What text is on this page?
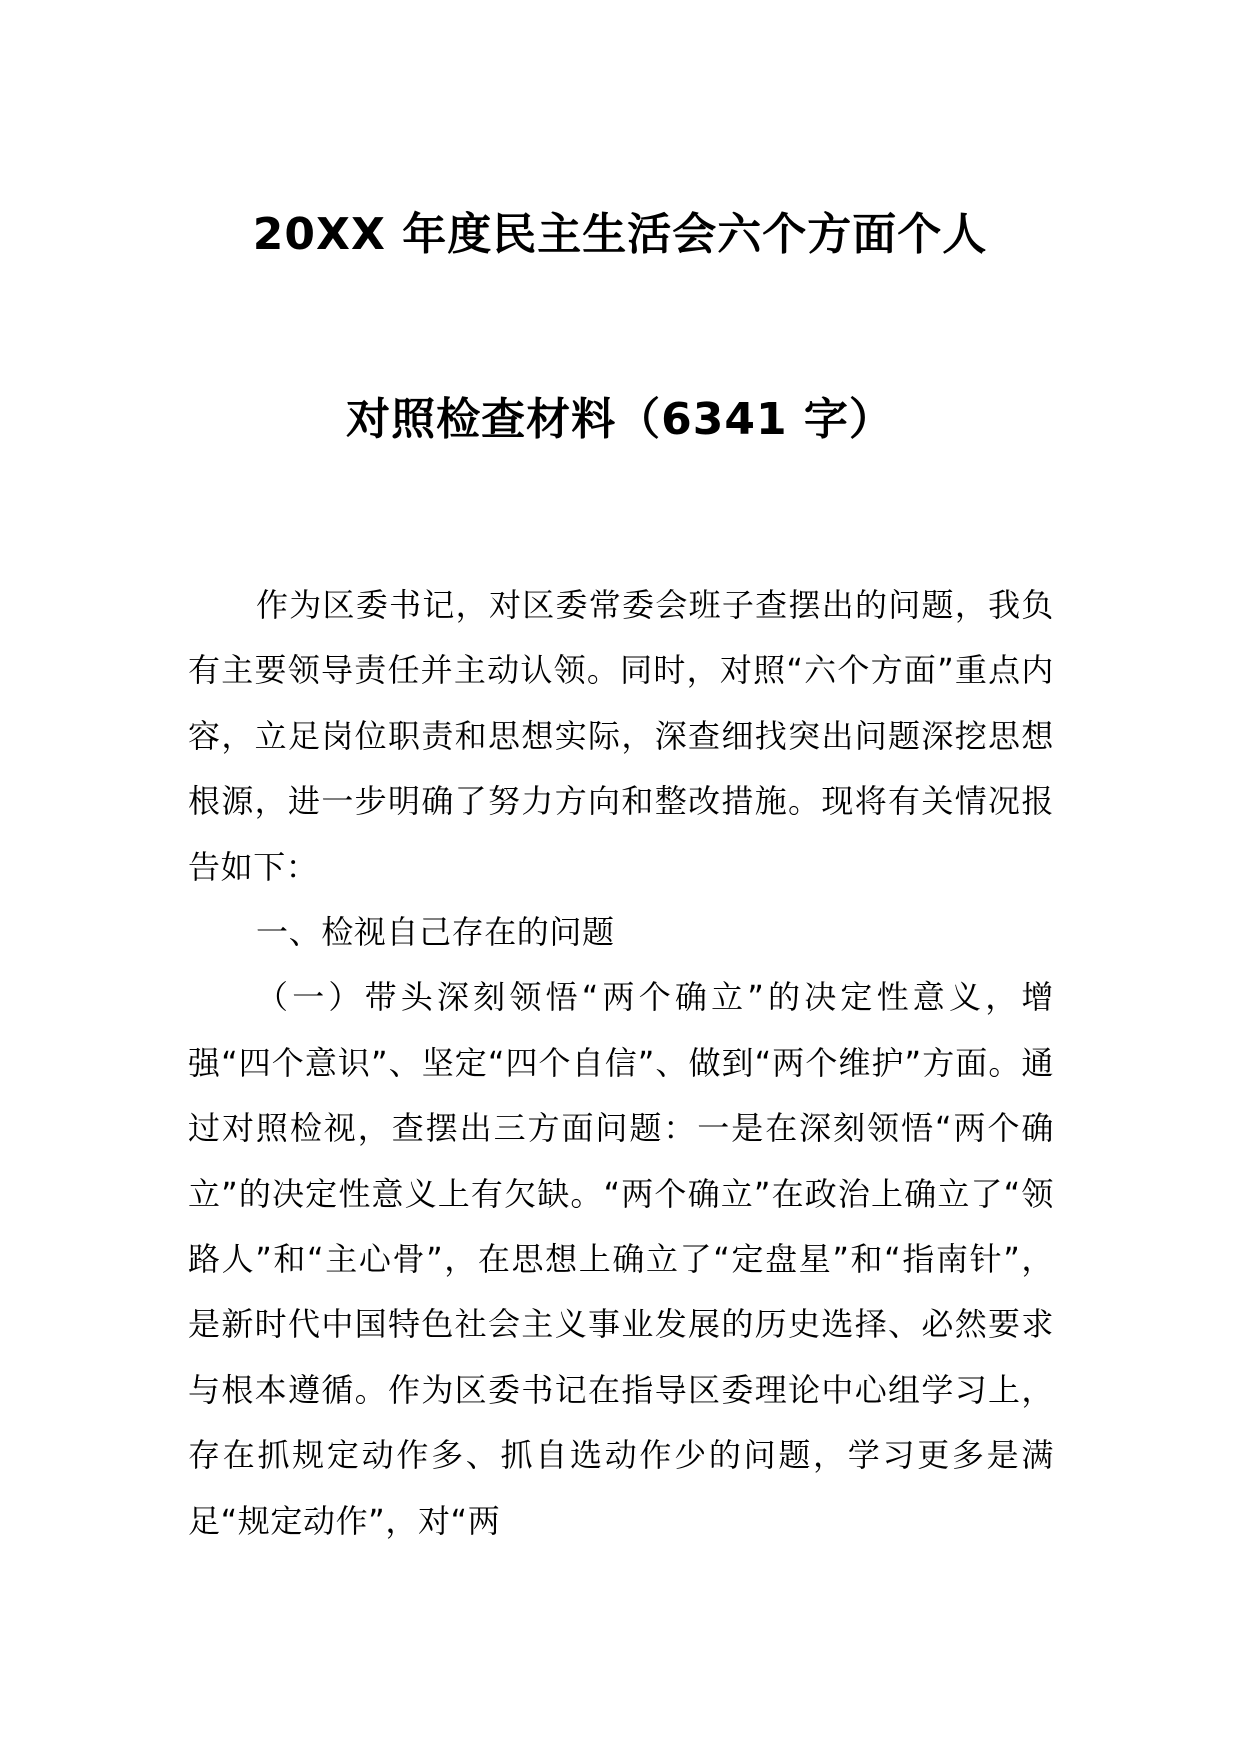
20XX 年度民主生活会六个方面个人
对照检查材料（6341 字）

作为区委书记，对区委常委会班子查摆出的问题，我负有主要领导责任并主动认领。同时，对照“六个方面”重点内容，立足岗位职责和思想实际，深查细找突出问题深挖思想根源，进一步明确了努力方向和整改措施。现将有关情况报告如下：

一、检视自己存在的问题

（一）带头深刻领悟“两个确立”的决定性意义，增强“四个意识”、坚定“四个自信”、做到“两个维护”方面。通过对照检视，查摆出三方面问题：一是在深刻领悟“两个确立”的决定性意义上有欠缺。“两个确立”在政治上确立了“领路人”和“主心骨”，在思想上确立了“定盘星”和“指南针”，是新时代中国特色社会主义事业发展的历史选择、必然要求与根本遵循。作为区委书记在指导区委理论中心组学习上，存在抓规定动作多、抓自选动作少的问题，学习更多是满足“规定动作”，对“两
